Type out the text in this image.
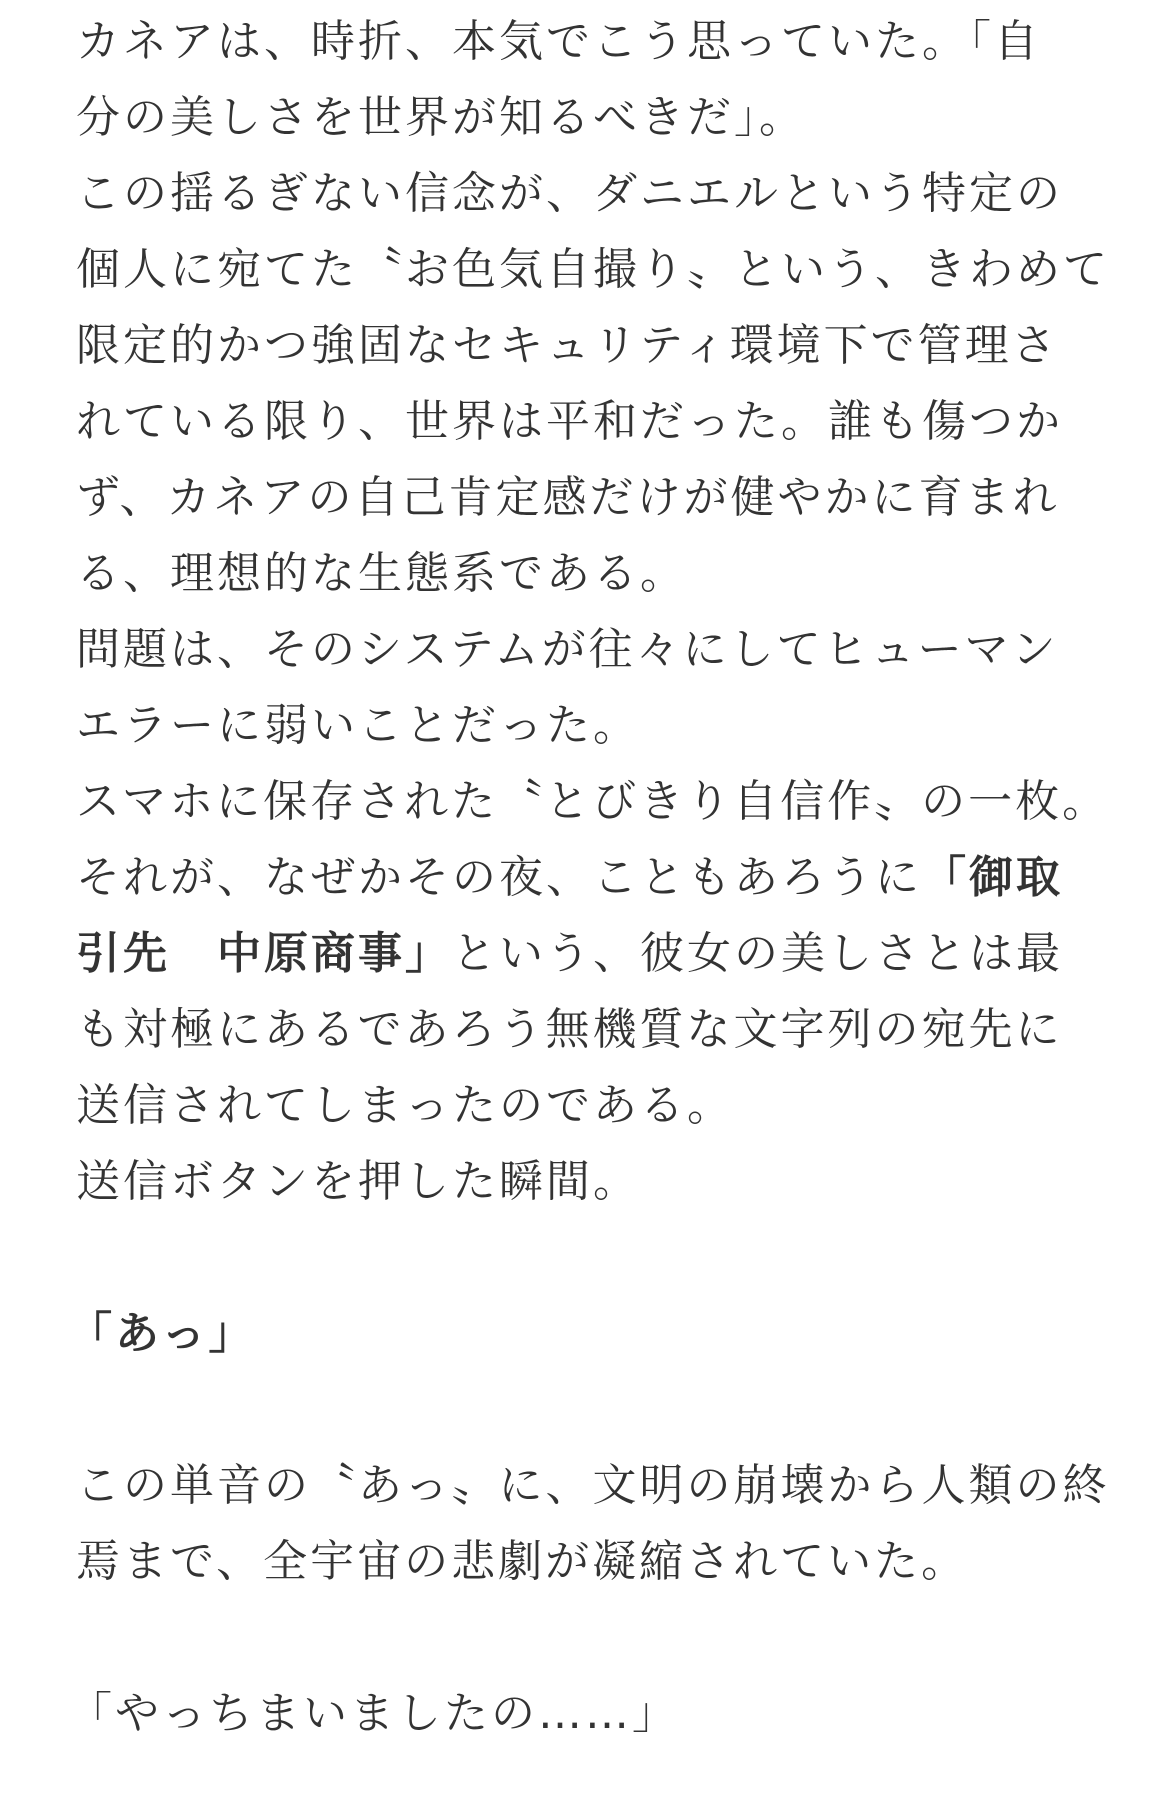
カネアは、時折、本気でこう思っていた。「自
分の美しさを世界が知るべきだ」。
この揺るぎない信念が、ダニエルという特定の
個人に宛てた〝お色気自撮り〟という、きわめて
限定的かつ強固なセキュリティ環境下で管理さ
れている限り、世界は平和だった。誰も傷つか
ず、カネアの自己肯定感だけが健やかに育まれ
る、理想的な生態系である。
問題は、そのシステムが往々にしてヒューマン
エラーに弱いことだった。
スマホに保存された〝とびきり自信作〟の一枚。
それが、なぜかその夜、こともあろうに「御取
引先　中原商事」という、彼女の美しさとは最
も対極にあるであろう無機質な文字列の宛先に
送信されてしまったのである。
送信ボタンを押した瞬間。
「あっ」
この単音の〝あっ〟に、文明の崩壊から人類の終
焉まで、全宇宙の悲劇が凝縮されていた。
「やっちまいましたの……」
